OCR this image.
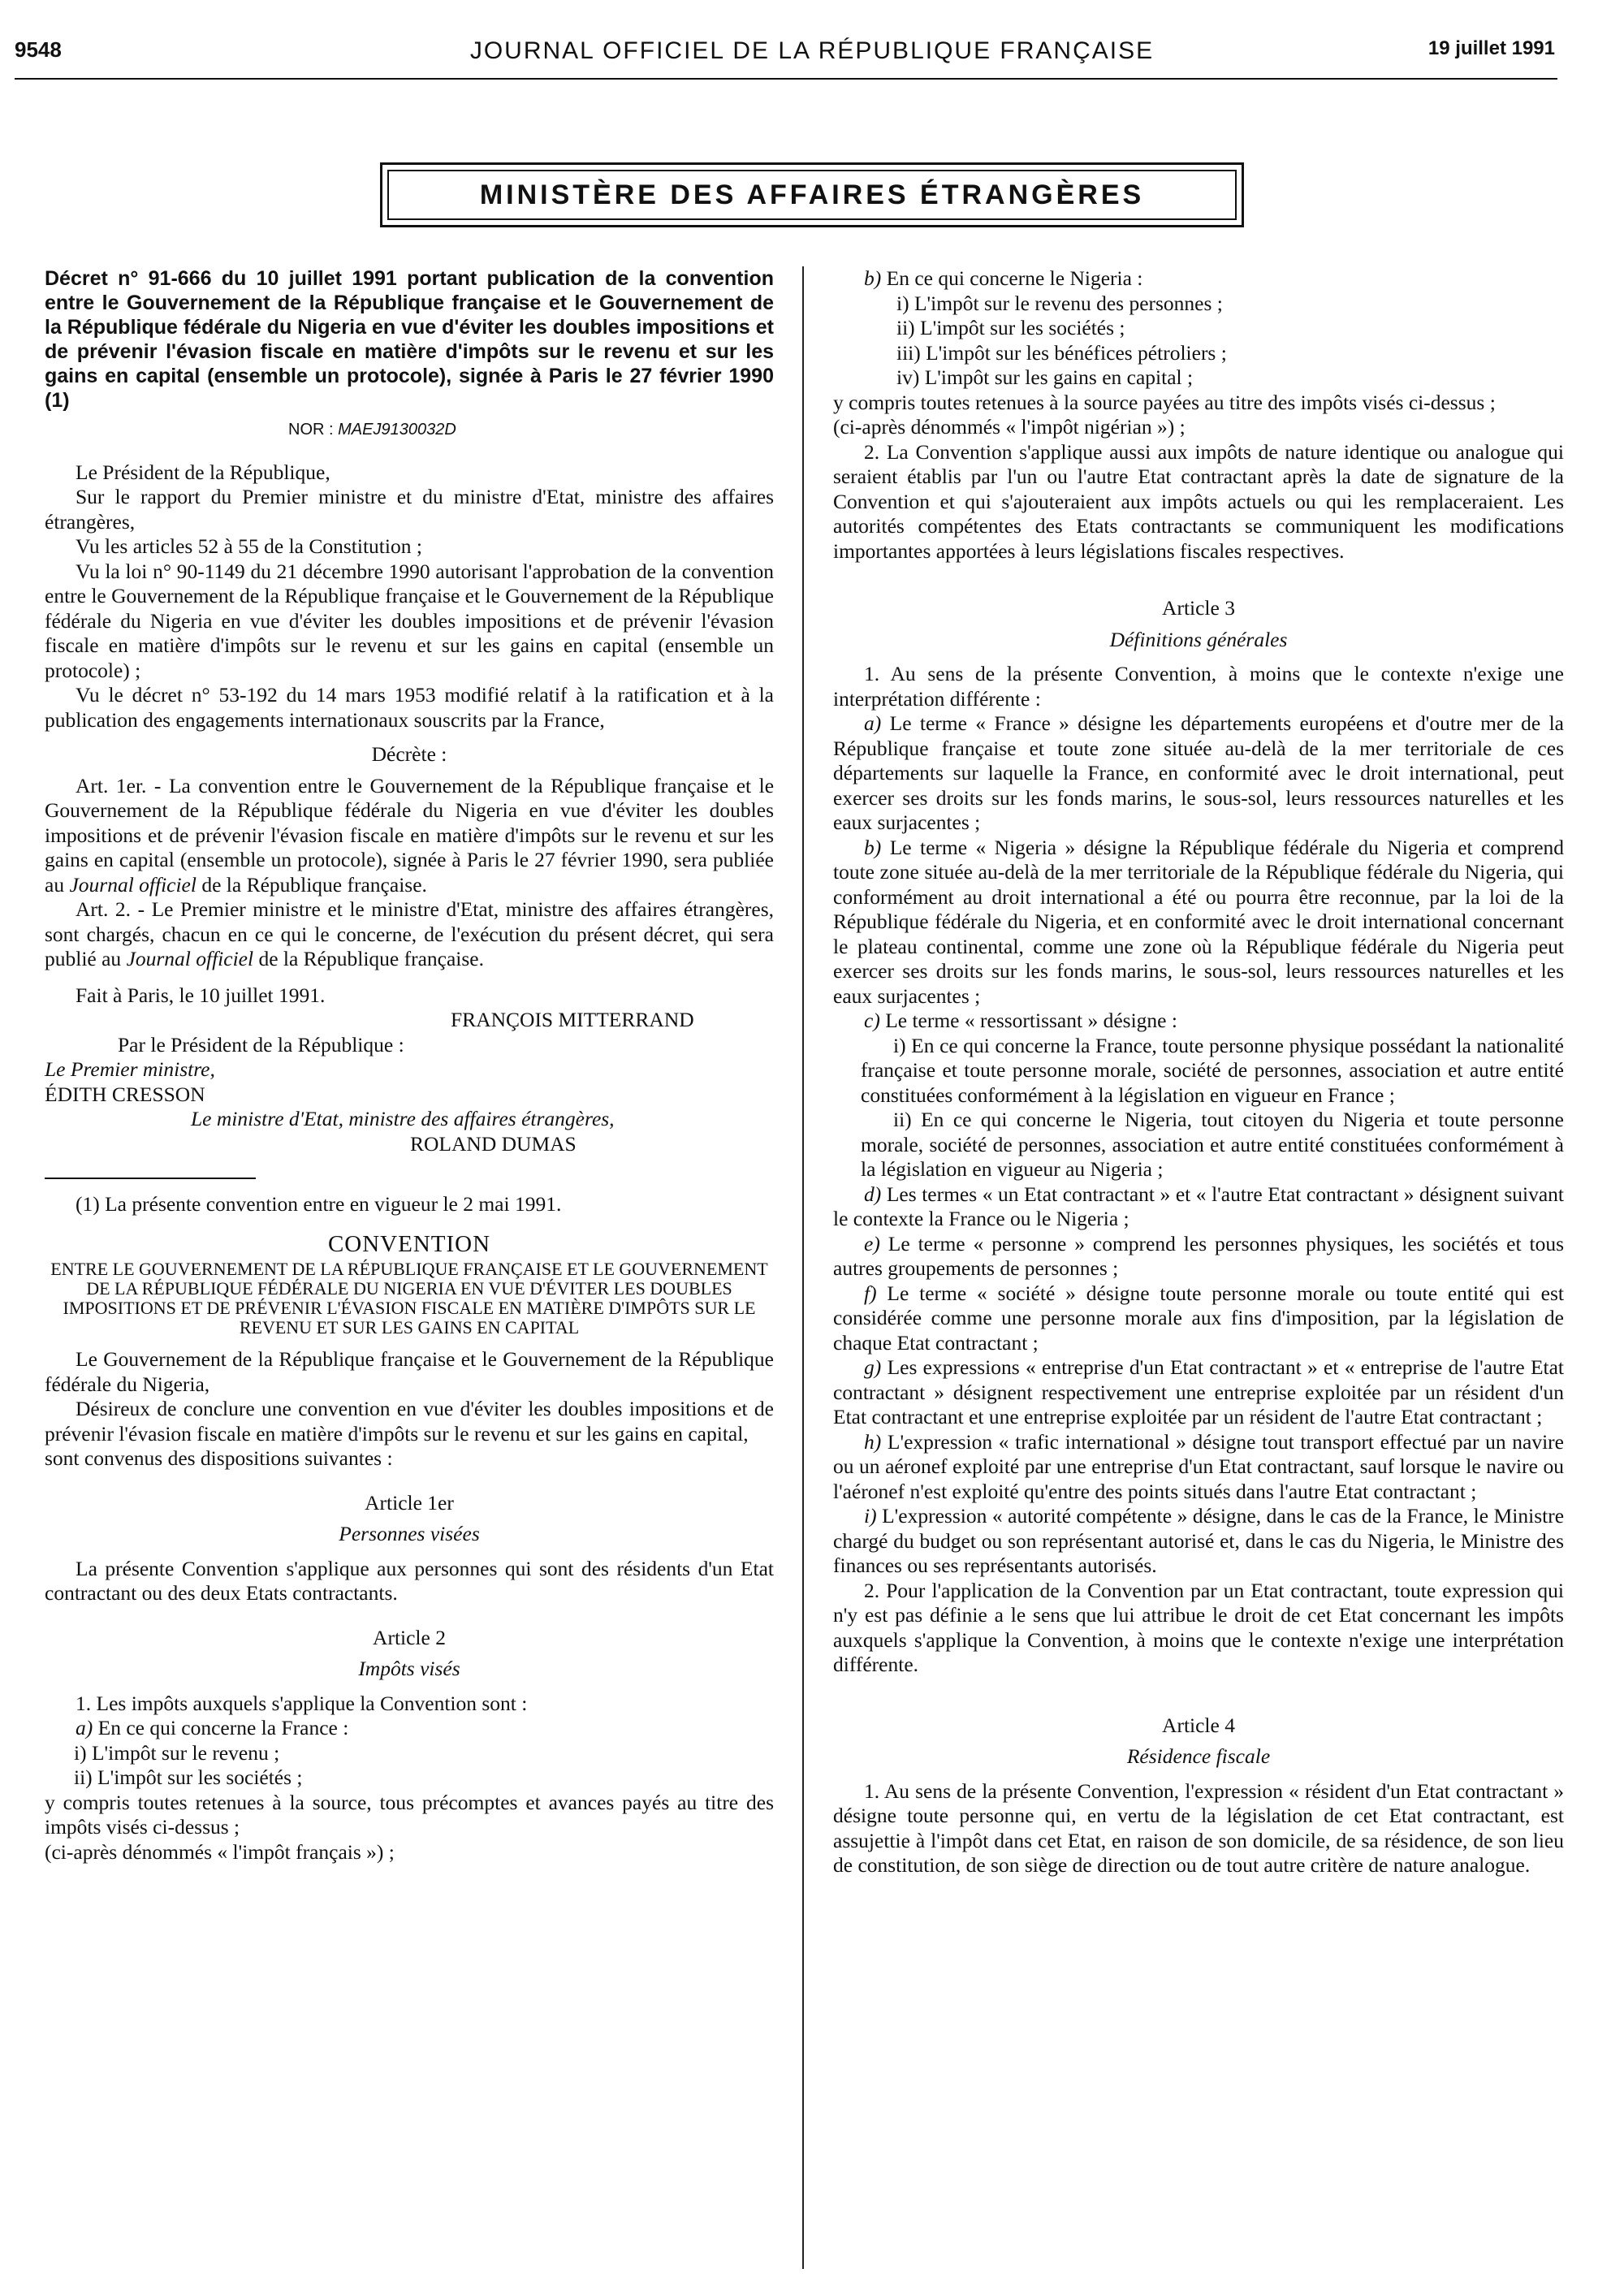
9548	JOURNAL OFFICIEL DE LA RÉPUBLIQUE FRANÇAISE	19 juillet 1991
MINISTÈRE DES AFFAIRES ÉTRANGÈRES

Décret n° 91-666 du 10 juillet 1991 portant publication de la convention entre le Gouvernement de la République française et le Gouvernement de la République fédérale du Nigeria en vue d'éviter les doubles impositions et de prévenir l'évasion fiscale en matière d'impôts sur le revenu et sur les gains en capital (ensemble un protocole), signée à Paris le 27 février 1990 (1)

NOR : MAEJ9130032D

Le Président de la République,

Sur le rapport du Premier ministre et du ministre d'Etat, ministre des affaires étrangères,

Vu les articles 52 à 55 de la Constitution ;

Vu la loi n° 90-1149 du 21 décembre 1990 autorisant l'approbation de la convention entre le Gouvernement de la République française et le Gouvernement de la République fédérale du Nigeria en vue d'éviter les doubles impositions et de prévenir l'évasion fiscale en matière d'impôts sur le revenu et sur les gains en capital (ensemble un protocole) ;

Vu le décret n° 53-192 du 14 mars 1953 modifié relatif à la ratification et à la publication des engagements internationaux souscrits par la France,

Décrète :

Art. 1er. - La convention entre le Gouvernement de la République française et le Gouvernement de la République fédérale du Nigeria en vue d'éviter les doubles impositions et de prévenir l'évasion fiscale en matière d'impôts sur le revenu et sur les gains en capital (ensemble un protocole), signée à Paris le 27 février 1990, sera publiée au Journal officiel de la République française.

Art. 2. - Le Premier ministre et le ministre d'Etat, ministre des affaires étrangères, sont chargés, chacun en ce qui le concerne, de l'exécution du présent décret, qui sera publié au Journal officiel de la République française.

Fait à Paris, le 10 juillet 1991.

FRANÇOIS MITTERRAND

Par le Président de la République :

Le Premier ministre,

ÉDITH CRESSON

Le ministre d'Etat, ministre des affaires étrangères,

ROLAND DUMAS

(1) La présente convention entre en vigueur le 2 mai 1991.

CONVENTION
ENTRE LE GOUVERNEMENT DE LA RÉPUBLIQUE FRANÇAISE ET LE GOUVERNEMENT DE LA RÉPUBLIQUE FÉDÉRALE DU NIGERIA EN VUE D'ÉVITER LES DOUBLES IMPOSITIONS ET DE PRÉVENIR L'ÉVASION FISCALE EN MATIÈRE D'IMPÔTS SUR LE REVENU ET SUR LES GAINS EN CAPITAL

Le Gouvernement de la République française et le Gouvernement de la République fédérale du Nigeria,

Désireux de conclure une convention en vue d'éviter les doubles impositions et de prévenir l'évasion fiscale en matière d'impôts sur le revenu et sur les gains en capital,

sont convenus des dispositions suivantes :

Article 1er
Personnes visées

La présente Convention s'applique aux personnes qui sont des résidents d'un Etat contractant ou des deux Etats contractants.

Article 2
Impôts visés

1. Les impôts auxquels s'applique la Convention sont :

a) En ce qui concerne la France :

i) L'impôt sur le revenu ;

ii) L'impôt sur les sociétés ;

y compris toutes retenues à la source, tous précomptes et avances payés au titre des impôts visés ci-dessus ;

(ci-après dénommés « l'impôt français ») ;

b) En ce qui concerne le Nigeria :

i) L'impôt sur le revenu des personnes ;

ii) L'impôt sur les sociétés ;

iii) L'impôt sur les bénéfices pétroliers ;

iv) L'impôt sur les gains en capital ;

y compris toutes retenues à la source payées au titre des impôts visés ci-dessus ;

(ci-après dénommés « l'impôt nigérian ») ;

2. La Convention s'applique aussi aux impôts de nature identique ou analogue qui seraient établis par l'un ou l'autre Etat contractant après la date de signature de la Convention et qui s'ajouteraient aux impôts actuels ou qui les remplaceraient. Les autorités compétentes des Etats contractants se communiquent les modifications importantes apportées à leurs législations fiscales respectives.

Article 3
Définitions générales

1. Au sens de la présente Convention, à moins que le contexte n'exige une interprétation différente :

a) Le terme « France » désigne les départements européens et d'outre mer de la République française et toute zone située au-delà de la mer territoriale de ces départements sur laquelle la France, en conformité avec le droit international, peut exercer ses droits sur les fonds marins, le sous-sol, leurs ressources naturelles et les eaux surjacentes ;

b) Le terme « Nigeria » désigne la République fédérale du Nigeria et comprend toute zone située au-delà de la mer territoriale de la République fédérale du Nigeria, qui conformément au droit international a été ou pourra être reconnue, par la loi de la République fédérale du Nigeria, et en conformité avec le droit international concernant le plateau continental, comme une zone où la République fédérale du Nigeria peut exercer ses droits sur les fonds marins, le sous-sol, leurs ressources naturelles et les eaux surjacentes ;

c) Le terme « ressortissant » désigne :

i) En ce qui concerne la France, toute personne physique possédant la nationalité française et toute personne morale, société de personnes, association et autre entité constituées conformément à la législation en vigueur en France ;

ii) En ce qui concerne le Nigeria, tout citoyen du Nigeria et toute personne morale, société de personnes, association et autre entité constituées conformément à la législation en vigueur au Nigeria ;

d) Les termes « un Etat contractant » et « l'autre Etat contractant » désignent suivant le contexte la France ou le Nigeria ;

e) Le terme « personne » comprend les personnes physiques, les sociétés et tous autres groupements de personnes ;

f) Le terme « société » désigne toute personne morale ou toute entité qui est considérée comme une personne morale aux fins d'imposition, par la législation de chaque Etat contractant ;

g) Les expressions « entreprise d'un Etat contractant » et « entreprise de l'autre Etat contractant » désignent respectivement une entreprise exploitée par un résident d'un Etat contractant et une entreprise exploitée par un résident de l'autre Etat contractant ;

h) L'expression « trafic international » désigne tout transport effectué par un navire ou un aéronef exploité par une entreprise d'un Etat contractant, sauf lorsque le navire ou l'aéronef n'est exploité qu'entre des points situés dans l'autre Etat contractant ;

i) L'expression « autorité compétente » désigne, dans le cas de la France, le Ministre chargé du budget ou son représentant autorisé et, dans le cas du Nigeria, le Ministre des finances ou ses représentants autorisés.

2. Pour l'application de la Convention par un Etat contractant, toute expression qui n'y est pas définie a le sens que lui attribue le droit de cet Etat concernant les impôts auxquels s'applique la Convention, à moins que le contexte n'exige une interprétation différente.

Article 4
Résidence fiscale

1. Au sens de la présente Convention, l'expression « résident d'un Etat contractant » désigne toute personne qui, en vertu de la législation de cet Etat contractant, est assujettie à l'impôt dans cet Etat, en raison de son domicile, de sa résidence, de son lieu de constitution, de son siège de direction ou de tout autre critère de nature analogue.
